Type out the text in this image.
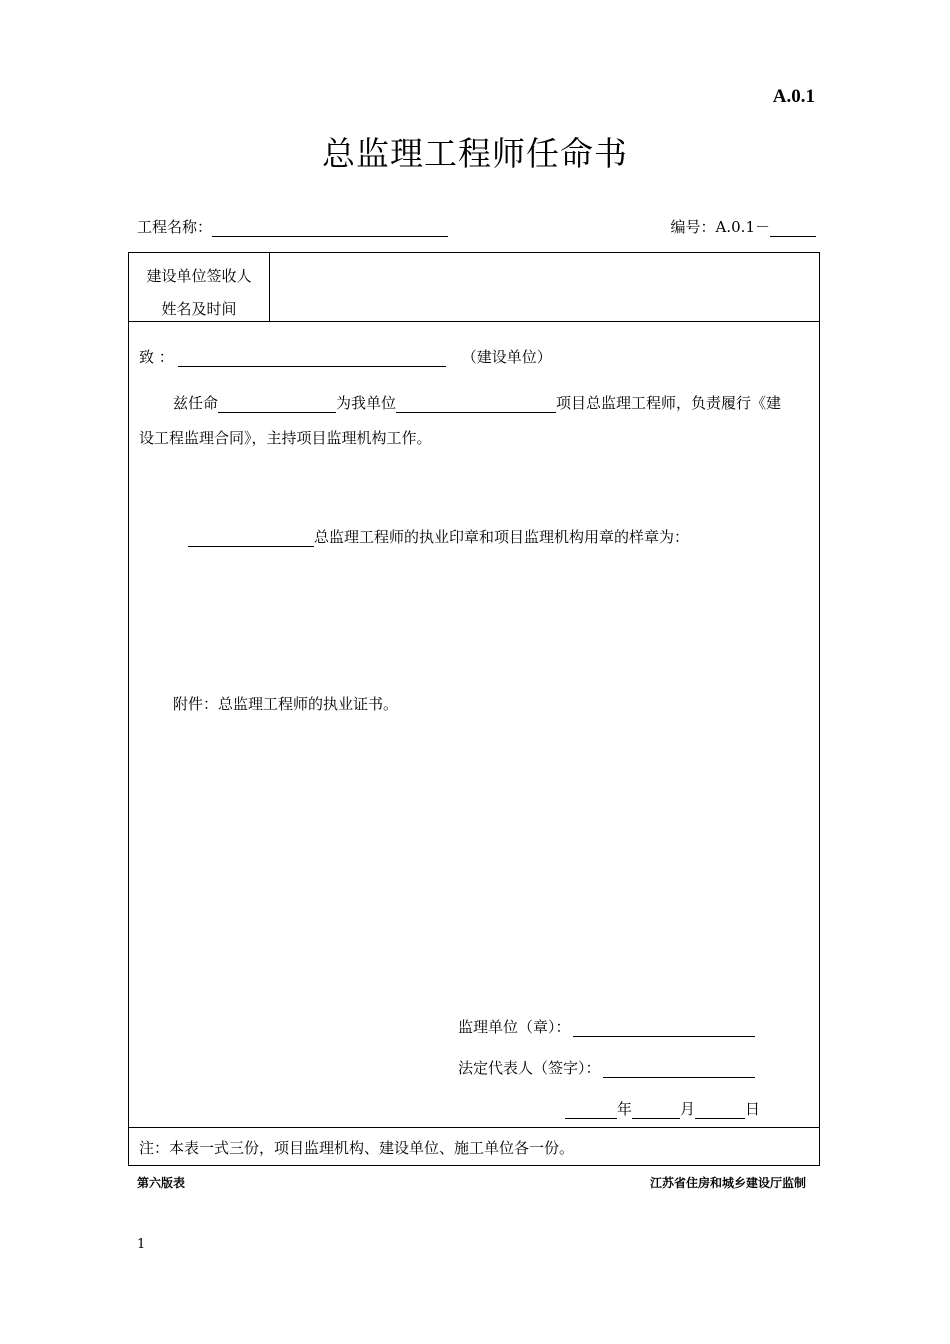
A.0.1
总监理工程师任命书
工程名称：	编号：A.0.1－
建设单位签收人
姓名及时间
致 ：	（建设单位）
兹任命	为我单位	项目总监理工程师，负责履行《建
设工程监理合同》，主持项目监理机构工作。
总监理工程师的执业印章和项目监理机构用章的样章为：
附件：总监理工程师的执业证书。
监理单位（章）：
法定代表人（签字）：
年	月	日
注：本表一式三份，项目监理机构、建设单位、施工单位各一份。
第六版表	江苏省住房和城乡建设厅监制
1
